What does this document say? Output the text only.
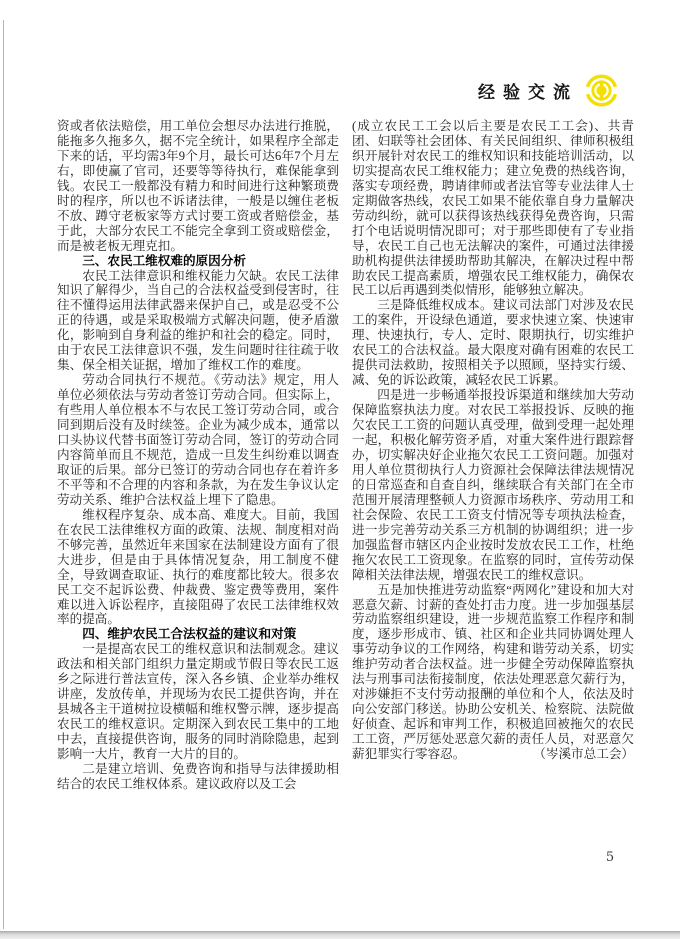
经验交流

资或者依法赔偿，用工单位会想尽办法进行推脱，能拖多久拖多久，据不完全统计，如果程序全部走下来的话，平均需3年9个月，最长可达6年7个月左右，即使赢了官司，还要等等待执行，难保能拿到钱。农民工一般都没有精力和时间进行这种繁琐费时的程序，所以也不诉诸法律，一般是以缠住老板不放、蹲守老板家等方式讨要工资或者赔偿金，基于此，大部分农民工不能完全拿到工资或赔偿金，而是被老板无理克扣。

三、农民工维权难的原因分析

农民工法律意识和维权能力欠缺。农民工法律知识了解得少，当自己的合法权益受到侵害时，往往不懂得运用法律武器来保护自己，或是忍受不公正的待遇，或是采取极端方式解决问题，使矛盾激化，影响到自身利益的维护和社会的稳定。同时，由于农民工法律意识不强，发生问题时往往疏于收集、保全相关证据，增加了维权工作的难度。

劳动合同执行不规范。《劳动法》规定，用人单位必须依法与劳动者签订劳动合同。但实际上，有些用人单位根本不与农民工签订劳动合同，或合同到期后没有及时续签。企业为减少成本，通常以口头协议代替书面签订劳动合同，签订的劳动合同内容简单而且不规范，造成一旦发生纠纷难以调查取证的后果。部分已签订的劳动合同也存在着许多不平等和不合理的内容和条款，为在发生争议认定劳动关系、维护合法权益上埋下了隐患。

维权程序复杂、成本高、难度大。目前，我国在农民工法律维权方面的政策、法规、制度相对尚不够完善，虽然近年来国家在法制建设方面有了很大进步，但是由于具体情况复杂，用工制度不健全，导致调查取证、执行的难度都比较大。很多农民工交不起诉讼费、仲裁费、鉴定费等费用，案件难以进入诉讼程序，直接阻碍了农民工法律维权效率的提高。

四、维护农民工合法权益的建议和对策

一是提高农民工的维权意识和法制观念。建议政法和相关部门组织力量定期或节假日等农民工返乡之际进行普法宣传，深入各乡镇、企业举办维权讲座，发放传单，并现场为农民工提供咨询，并在县城各主干道树拉设横幅和维权警示牌，逐步提高农民工的维权意识。定期深入到农民工集中的工地中去，直接提供咨询，服务的同时消除隐患，起到影响一大片，教育一大片的目的。

二是建立培训、免费咨询和指导与法律援助相结合的农民工维权体系。建议政府以及工会

(成立农民工工会以后主要是农民工工会)、共青团、妇联等社会团体、有关民间组织、律师积极组织开展针对农民工的维权知识和技能培训活动，以切实提高农民工维权能力；建立免费的热线咨询，落实专项经费，聘请律师或者法官等专业法律人士定期做客热线，农民工如果不能依靠自身力量解决劳动纠纷，就可以获得该热线获得免费咨询，只需打个电话说明情况即可；对于那些即使有了专业指导，农民工自己也无法解决的案件，可通过法律援助机构提供法律援助帮助其解决，在解决过程中帮助农民工提高素质，增强农民工维权能力，确保农民工以后再遇到类似情形，能够独立解决。

三是降低维权成本。建议司法部门对涉及农民工的案件，开设绿色通道，要求快速立案、快速审理、快速执行，专人、定时、限期执行，切实维护农民工的合法权益。最大限度对确有困难的农民工提供司法救助，按照相关予以照顾，坚持实行缓、减、免的诉讼政策，减轻农民工诉累。

四是进一步畅通举报投诉渠道和继续加大劳动保障监察执法力度。对农民工举报投诉、反映的拖欠农民工工资的问题认真受理，做到受理一起处理一起，积极化解劳资矛盾，对重大案件进行跟踪督办，切实解决好企业拖欠农民工工资问题。加强对用人单位贯彻执行人力资源社会保障法律法规情况的日常巡查和自查自纠，继续联合有关部门在全市范围开展清理整顿人力资源市场秩序、劳动用工和社会保险、农民工工资支付情况等专项执法检查，进一步完善劳动关系三方机制的协调组织；进一步加强监督市辖区内企业按时发放农民工工作，杜绝拖欠农民工工资现象。在监察的同时，宣传劳动保障相关法律法规，增强农民工的维权意识。

五是加快推进劳动监察“两网化”建设和加大对恶意欠薪、讨薪的查处打击力度。进一步加强基层劳动监察组织建设，进一步规范监察工作程序和制度，逐步形成市、镇、社区和企业共同协调处理人事劳动争议的工作网络，构建和谐劳动关系，切实维护劳动者合法权益。进一步健全劳动保障监察执法与刑事司法衔接制度，依法处理恶意欠薪行为，对涉嫌拒不支付劳动报酬的单位和个人，依法及时向公安部门移送。协助公安机关、检察院、法院做好侦查、起诉和审判工作，积极追回被拖欠的农民工工资，严厉惩处恶意欠薪的责任人员，对恶意欠薪犯罪实行零容忍。	（岑溪市总工会）

5
